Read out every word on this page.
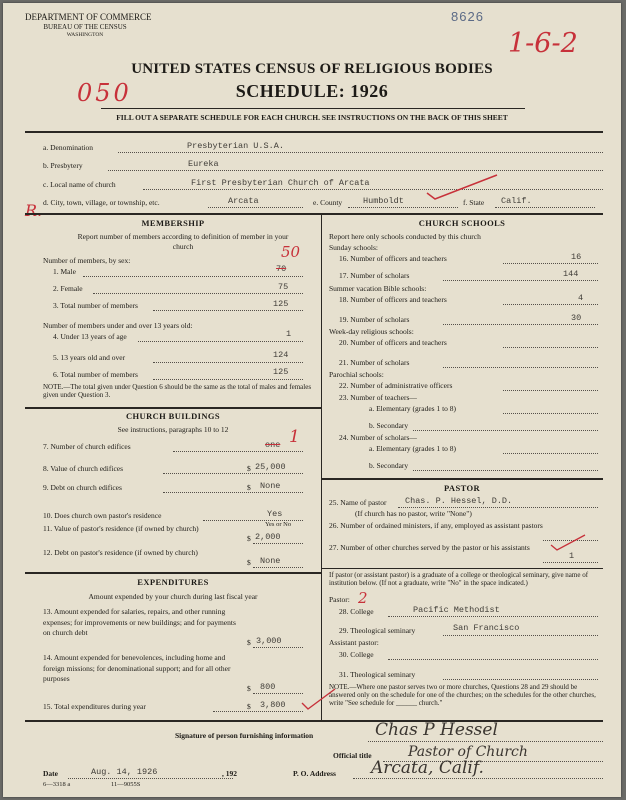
DEPARTMENT OF COMMERCE
BUREAU OF THE CENSUS
WASHINGTON
8626
1-6-2
UNITED STATES CENSUS OF RELIGIOUS BODIES
SCHEDULE: 1926
050
FILL OUT A SEPARATE SCHEDULE FOR EACH CHURCH. SEE INSTRUCTIONS ON THE BACK OF THIS SHEET
a. Denomination	Presbyterian U.S.A.
b. Presbytery	Eureka
c. Local name of church	First Presbyterian Church of Arcata
R. d. City, town, village, or township, etc.	Arcata	e. County Humboldt	f. State Calif.
MEMBERSHIP
Report number of members according to definition of member in your church
Number of members, by sex:	50
1. Male	70
2. Female	75
3. Total number of members	125
Number of members under and over 13 years old:
4. Under 13 years of age	1
5. 13 years old and over	124
6. Total number of members	125
NOTE.—The total given under Question 6 should be the same as the total of males and females given under Question 3.
CHURCH BUILDINGS
See instructions, paragraphs 10 to 12
7. Number of church edifices	one 1
8. Value of church edifices	$ 25,000
9. Debt on church edifices	$ None
10. Does church own pastor's residence	Yes
Yes or No
11. Value of pastor's residence (if owned by church)
$ 2,000
12. Debt on pastor's residence (if owned by church)
$ None
EXPENDITURES
Amount expended by your church during last fiscal year
13. Amount expended for salaries, repairs, and other running expenses; for improvements or new buildings; and for payments on church debt
$ 3,000
14. Amount expended for benevolences, including home and foreign missions; for denominational support; and for all other purposes
$ 800
15. Total expenditures during year	$ 3,800
CHURCH SCHOOLS
Report here only schools conducted by this church
Sunday schools:
16. Number of officers and teachers	16
17. Number of scholars	144
Summer vacation Bible schools:
18. Number of officers and teachers	4
19. Number of scholars	30
Week-day religious schools:
20. Number of officers and teachers
21. Number of scholars
Parochial schools:
22. Number of administrative officers
23. Number of teachers—
a. Elementary (grades 1 to 8)
b. Secondary
24. Number of scholars—
a. Elementary (grades 1 to 8)
b. Secondary
PASTOR
25. Name of pastor Chas. P. Hessel, D.D.
(If church has no pastor, write "None")
26. Number of ordained ministers, if any, employed as assistant pastors
27. Number of other churches served by the pastor or his assistants
1
If pastor (or assistant pastor) is a graduate of a college or theological seminary, give name of institution below. (If not a graduate, write "No" in the space indicated.)
Pastor: 2
28. College	Pacific Methodist
29. Theological seminary	San Francisco
Assistant pastor:
30. College
31. Theological seminary
NOTE.—Where one pastor serves two or more churches, Questions 28 and 29 should be answered only on the schedule for one of the churches; on the schedules for the other churches, write "See schedule for ______ church."
Signature of person furnishing information	Chas P Hessel
Official title	Pastor of Church
Date	Aug. 14, 1926	, 192
6—3318 a	11—9055S
P. O. Address Arcata, Calif.
